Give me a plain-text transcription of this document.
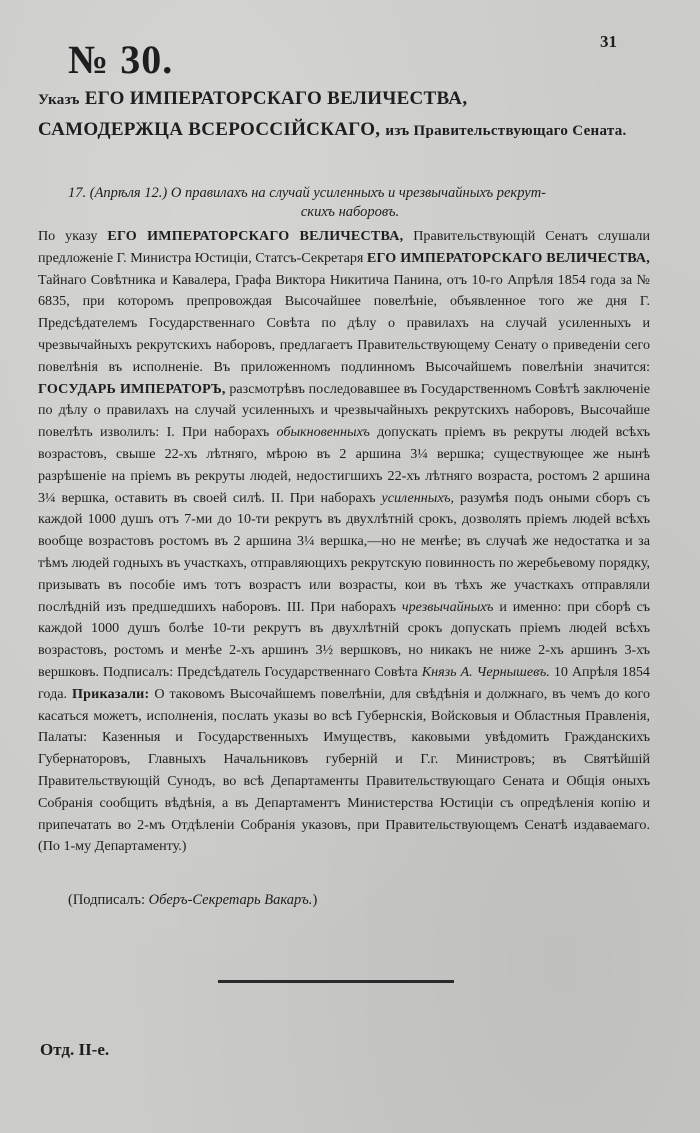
№ 30.	31
Указъ ЕГО ИМПЕРАТОРСКАГО ВЕЛИЧЕСТВА,
САМОДЕРЖЦА ВСЕРОССІЙСКАГО, изъ Правительствующаго Сената.
17. (Апрѣля 12.) О правилахъ на случай усиленныхъ и чрезвычайныхъ рекрут-
скихъ наборовъ.

По указу ЕГО ИМПЕРАТОРСКАГО ВЕЛИЧЕСТВА, Правительствующій Сенатъ слушали предложеніе Г. Министра Юстиціи, Статсъ-Секретаря ЕГО ИМПЕРАТОРСКАГО ВЕЛИЧЕСТВА, Тайнаго Совѣтника и Кавалера, Графа Виктора Никитича Панина, отъ 10-го Апрѣля 1854 года за № 6835, при которомъ препровождая Высочайшее повелѣніе, объявленное того же дня Г. Предсѣдателемъ Государственнаго Совѣта по дѣлу о правилахъ на случай усиленныхъ и чрезвычайныхъ рекрутскихъ наборовъ, предлагаетъ Правительствующему Сенату о приведеніи сего повелѣнія въ исполненіе. Въ приложенномъ подлинномъ Высочайшемъ повелѣніи значится: ГОСУДАРЬ ИМПЕРАТОРЪ, разсмотрѣвъ последовавшее въ Государственномъ Совѣтѣ заключеніе по дѣлу о правилахъ на случай усиленныхъ и чрезвычайныхъ рекрутскихъ наборовъ, Высочайше повелѣть изволилъ: I. При наборахъ обыкновенныхъ допускать пріемъ въ рекруты людей всѣхъ возрастовъ, свыше 22-хъ лѣтняго, мѣрою въ 2 аршина 3¼ вершка; существующее же нынѣ разрѣшеніе на пріемъ въ рекруты людей, недостигшихъ 22-хъ лѣтняго возраста, ростомъ 2 аршина 3¼ вершка, оставить въ своей силѣ. II. При наборахъ усиленныхъ, разумѣя подъ оными сборъ съ каждой 1000 душъ отъ 7-ми до 10-ти рекрутъ въ двухлѣтній срокъ, дозволять пріемъ людей всѣхъ вообще возрастовъ ростомъ въ 2 аршина 3¼ вершка,—но не менѣе; въ случаѣ же недостатка и за тѣмъ людей годныхъ въ участкахъ, отправляющихъ рекрутскую повинность по жеребьевому порядку, призывать въ пособіе имъ тотъ возрастъ или возрасты, кои въ тѣхъ же участкахъ отправляли послѣдній изъ предшедшихъ наборовъ. III. При наборахъ чрезвычайныхъ и именно: при сборѣ съ каждой 1000 душъ болѣе 10-ти рекрутъ въ двухлѣтній срокъ допускать пріемъ людей всѣхъ возрастовъ, ростомъ и менѣе 2-хъ аршинъ 3½ вершковъ, но никакъ не ниже 2-хъ аршинъ 3-хъ вершковъ. Подписалъ: Предсѣдатель Государственнаго Совѣта Князь А. Чернышевъ. 10 Апрѣля 1854 года. Приказали: О таковомъ Высочайшемъ повелѣніи, для свѣдѣнія и должнаго, въ чемъ до кого касаться можетъ, исполненія, послать указы во всѣ Губернскія, Войсковыя и Областныя Правленія, Палаты: Казенныя и Государственныхъ Имуществъ, каковыми увѣдомить Гражданскихъ Губернаторовъ, Главныхъ Начальниковъ губерній и Г.г. Министровъ; въ Святѣйшій Правительствующій Сунодъ, во всѣ Департаменты Правительствующаго Сената и Общія оныхъ Собранія сообщить вѣдѣнія, а въ Департаментъ Министерства Юстиціи съ опредѣленія копію и припечатать во 2-мъ Отдѣленіи Собранія указовъ, при Правительствующемъ Сенатѣ издаваемаго. (По 1-му Департаменту.)

(Подписалъ: Оберъ-Секретарь Вакаръ.)
Отд. II-е.
